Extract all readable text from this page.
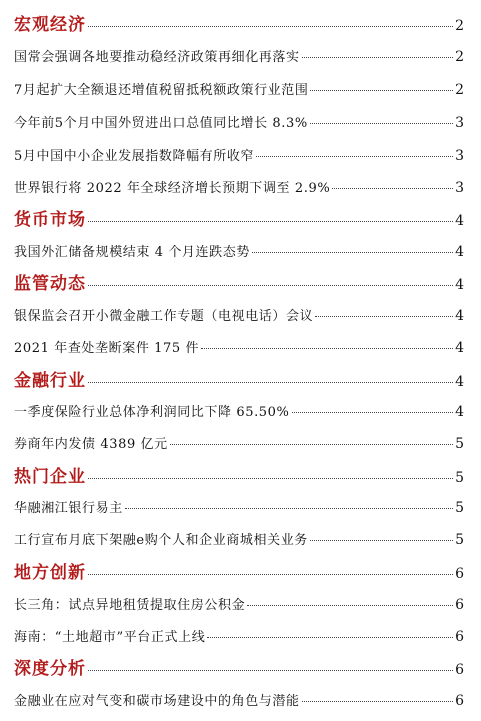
宏观经济	2
国常会强调各地要推动稳经济政策再细化再落实	2
7月起扩大全额退还增值税留抵税额政策行业范围	2
今年前5个月中国外贸进出口总值同比增长 8.3%	3
5月中国中小企业发展指数降幅有所收窄	3
世界银行将 2022 年全球经济增长预期下调至 2.9%	3
货币市场	4
我国外汇储备规模结束 4 个月连跌态势	4
监管动态	4
银保监会召开小微金融工作专题（电视电话）会议	4
2021 年查处垄断案件 175 件	4
金融行业	4
一季度保险行业总体净利润同比下降 65.50%	4
券商年内发债 4389 亿元	5
热门企业	5
华融湘江银行易主	5
工行宣布月底下架融e购个人和企业商城相关业务	5
地方创新	6
长三角：试点异地租赁提取住房公积金	6
海南：“土地超市”平台正式上线	6
深度分析	6
金融业在应对气变和碳市场建设中的角色与潜能	6
